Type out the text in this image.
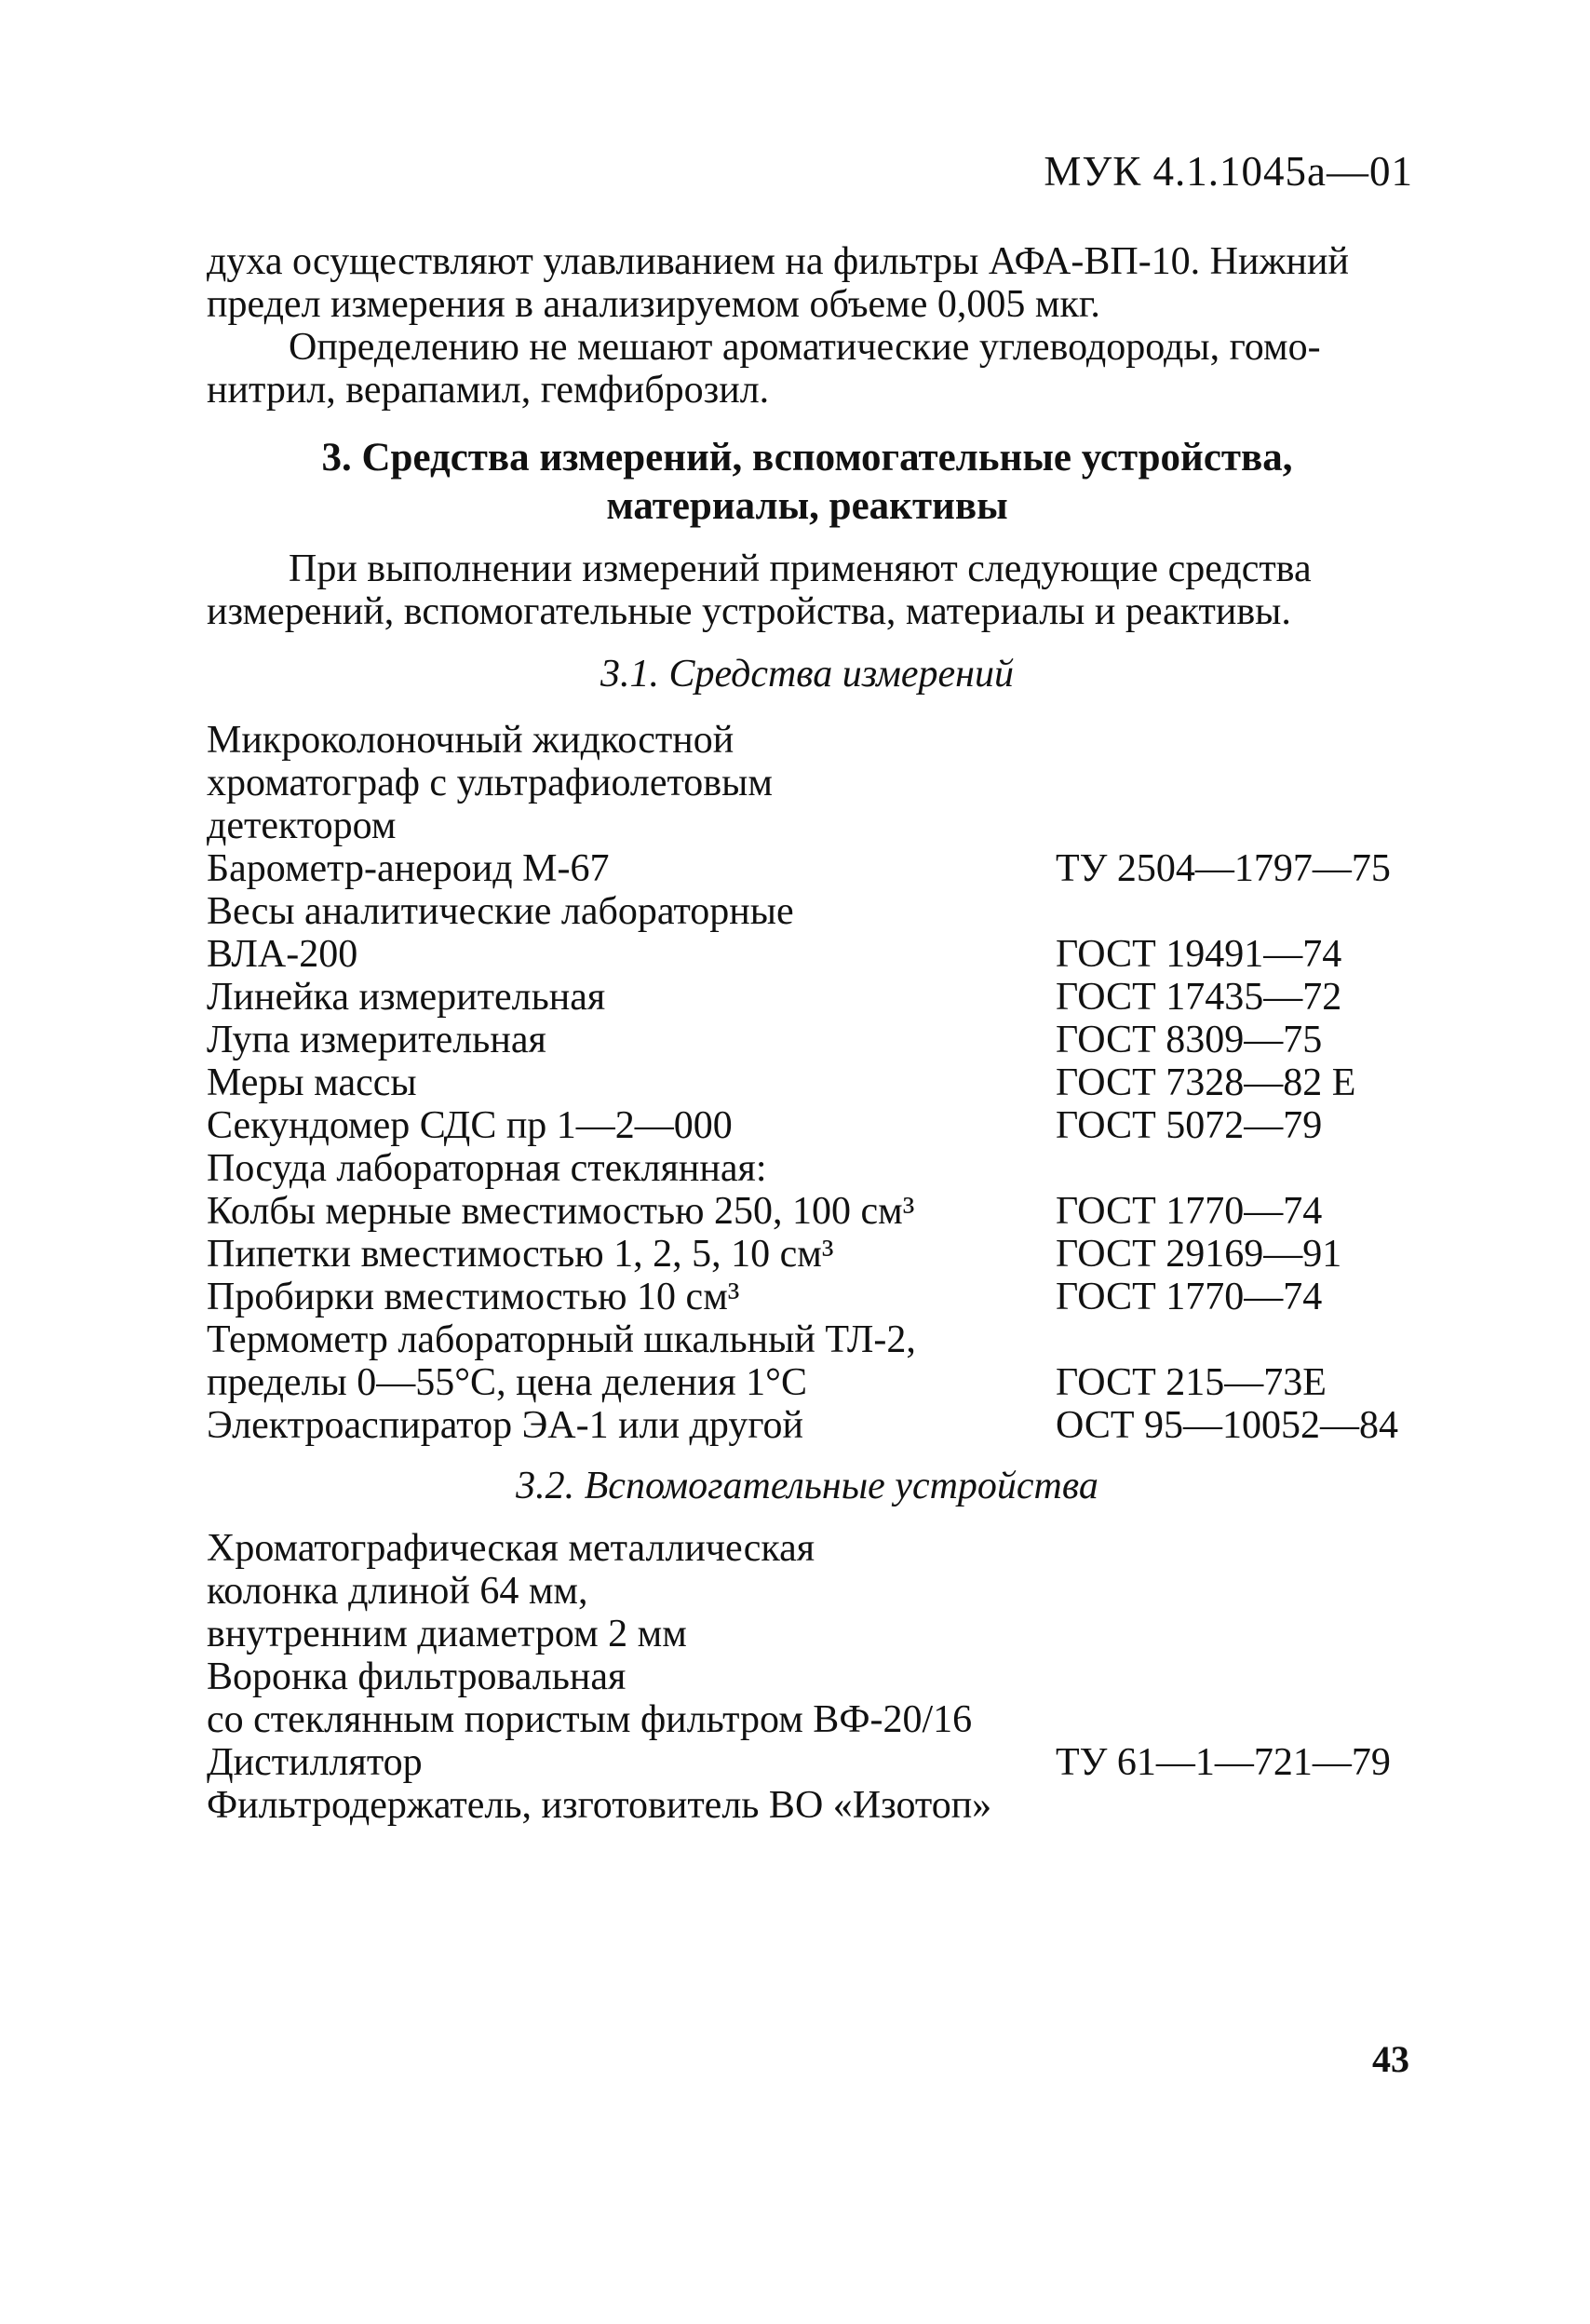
МУК 4.1.1045а—01
духа осуществляют улавливанием на фильтры АФА-ВП-10. Нижний
предел измерения в анализируемом объеме 0,005 мкг.
Определению не мешают ароматические углеводороды, гомо-
нитрил, верапамил, гемфиброзил.
3. Средства измерений, вспомогательные устройства,
материалы, реактивы
При выполнении измерений применяют следующие средства
измерений, вспомогательные устройства, материалы и реактивы.
3.1. Средства измерений
Микроколоночный жидкостной
хроматограф с ультрафиолетовым
детектором
Барометр-анероид М-67	ТУ 2504—1797—75
Весы аналитические лабораторные
ВЛА-200	ГОСТ 19491—74
Линейка измерительная	ГОСТ 17435—72
Лупа измерительная	ГОСТ 8309—75
Меры массы	ГОСТ 7328—82 Е
Секундомер СДС пр 1—2—000	ГОСТ 5072—79
Посуда лабораторная стеклянная:
Колбы мерные вместимостью 250, 100 см³	ГОСТ 1770—74
Пипетки вместимостью 1, 2, 5, 10 см³	ГОСТ 29169—91
Пробирки вместимостью 10 см³	ГОСТ 1770—74
Термометр лабораторный шкальный ТЛ-2,
пределы 0—55°С, цена деления 1°С	ГОСТ 215—73Е
Электроаспиратор ЭА-1 или другой	ОСТ 95—10052—84
3.2. Вспомогательные устройства
Хроматографическая металлическая
колонка длиной 64 мм,
внутренним диаметром 2 мм
Воронка фильтровальная
со стеклянным пористым фильтром ВФ-20/16
Дистиллятор	ТУ 61—1—721—79
Фильтродержатель, изготовитель ВО «Изотоп»
43
